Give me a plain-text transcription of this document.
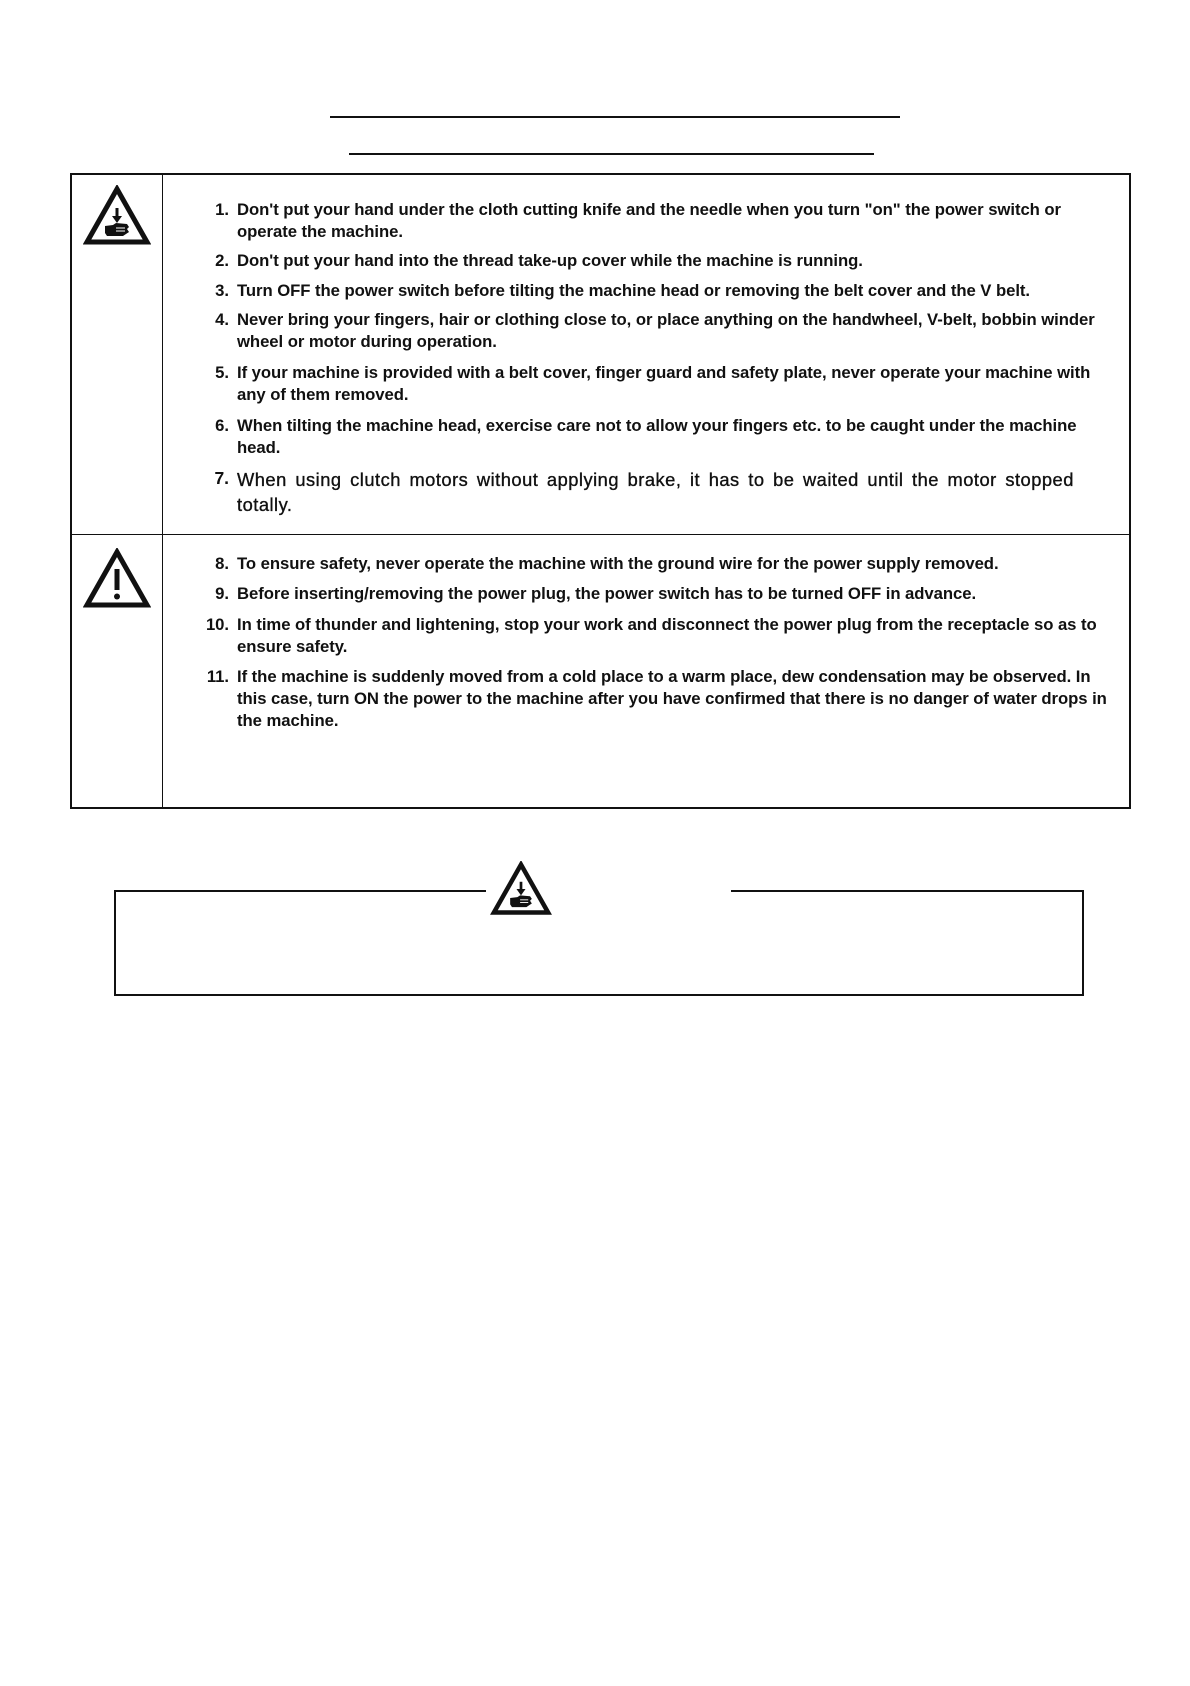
1. Don't put your hand under the cloth cutting knife and the needle when you turn "on" the power switch or operate the machine.
2. Don't put your hand into the thread take-up cover while the machine is running.
3. Turn OFF the power switch before tilting the machine head or removing the belt cover and the V belt.
4. Never bring your fingers, hair or clothing close to, or place anything on the handwheel, V-belt, bobbin winder wheel or motor during operation.
5. If your machine is provided with a belt cover, finger guard and safety plate, never operate your machine with any of them removed.
6. When tilting the machine head, exercise care not to allow your fingers etc. to be caught under the machine head.
7. When using clutch motors without applying brake, it has to be waited until the motor stopped totally.
8. To ensure safety, never operate the machine with the ground wire for the power supply removed.
9. Before inserting/removing the power plug, the power switch has to be turned OFF in advance.
10. In time of thunder and lightening, stop your work and disconnect the power plug from the receptacle so as to ensure safety.
11. If the machine is suddenly moved from a cold place to a warm place, dew condensation may be observed. In this case, turn ON the power to the machine after you have confirmed that there is no danger of water drops in the machine.
